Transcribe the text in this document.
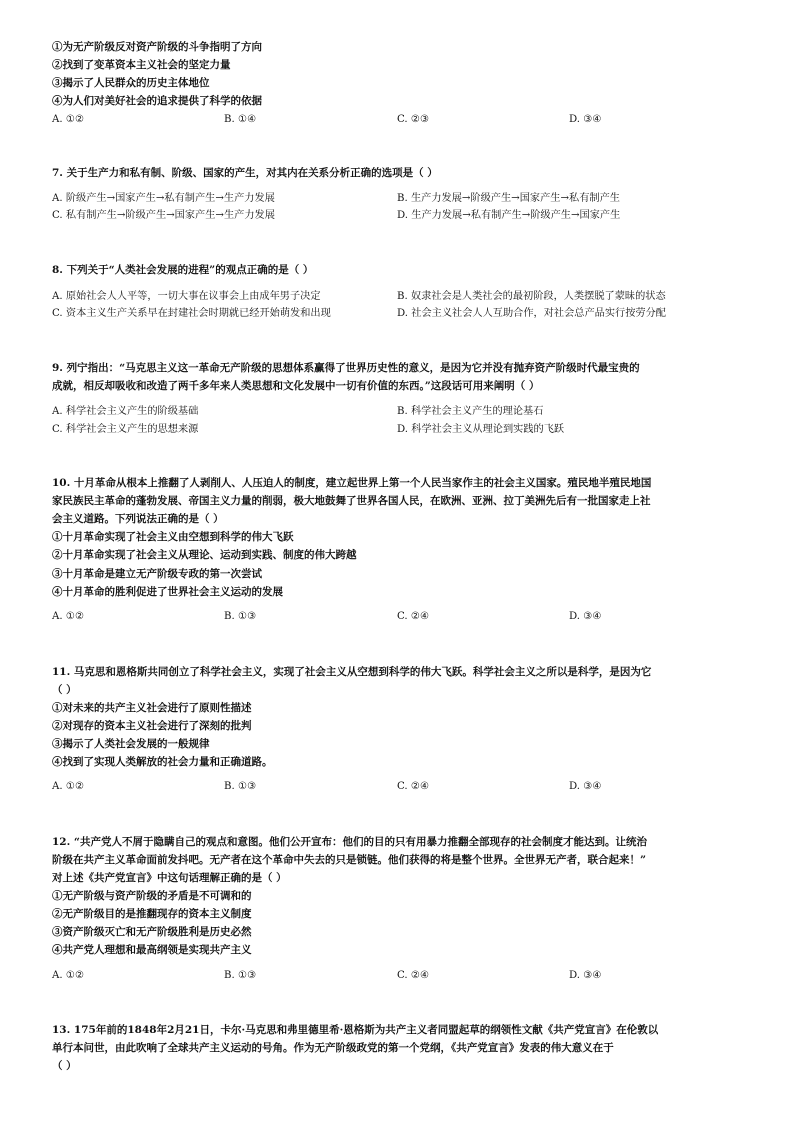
①为无产阶级反对资产阶级的斗争指明了方向
②找到了变革资本主义社会的坚定力量
③揭示了人民群众的历史主体地位
④为人们对美好社会的追求提供了科学的依据
A. ①②	B. ①④	C. ②③	D. ③④
7. 关于生产力和私有制、阶级、国家的产生，对其内在关系分析正确的选项是（ ）
A. 阶级产生→国家产生→私有制产生→生产力发展	B. 生产力发展→阶级产生→国家产生→私有制产生
C. 私有制产生→阶级产生→国家产生→生产力发展	D. 生产力发展→私有制产生→阶级产生→国家产生
8. 下列关于“人类社会发展的进程”的观点正确的是（ ）
A. 原始社会人人平等，一切大事在议事会上由成年男子决定	B. 奴隶社会是人类社会的最初阶段，人类摆脱了蒙昧的状态
C. 资本主义生产关系早在封建社会时期就已经开始萌发和出现	D. 社会主义社会人人互助合作，对社会总产品实行按劳分配
9. 列宁指出：“马克思主义这一革命无产阶级的思想体系赢得了世界历史性的意义，是因为它并没有抛弃资产阶级时代最宝贵的
成就，相反却吸收和改造了两千多年来人类思想和文化发展中一切有价值的东西。”这段话可用来阐明（ ）
A. 科学社会主义产生的阶级基础	B. 科学社会主义产生的理论基石
C. 科学社会主义产生的思想来源	D. 科学社会主义从理论到实践的飞跃
10. 十月革命从根本上推翻了人剥削人、人压迫人的制度，建立起世界上第一个人民当家作主的社会主义国家。殖民地半殖民地国
家民族民主革命的蓬勃发展、帝国主义力量的削弱，极大地鼓舞了世界各国人民，在欧洲、亚洲、拉丁美洲先后有一批国家走上社
会主义道路。下列说法正确的是（ ）
①十月革命实现了社会主义由空想到科学的伟大飞跃
②十月革命实现了社会主义从理论、运动到实践、制度的伟大跨越
③十月革命是建立无产阶级专政的第一次尝试
④十月革命的胜利促进了世界社会主义运动的发展
A. ①②	B. ①③	C. ②④	D. ③④
11. 马克思和恩格斯共同创立了科学社会主义，实现了社会主义从空想到科学的伟大飞跃。科学社会主义之所以是科学，是因为它
（ ）
①对未来的共产主义社会进行了原则性描述
②对现存的资本主义社会进行了深刻的批判
③揭示了人类社会发展的一般规律
④找到了实现人类解放的社会力量和正确道路。
A. ①②	B. ①③	C. ②④	D. ③④
12. “共产党人不屑于隐瞒自己的观点和意图。他们公开宣布：他们的目的只有用暴力推翻全部现存的社会制度才能达到。让统治
阶级在共产主义革命面前发抖吧。无产者在这个革命中失去的只是锁链。他们获得的将是整个世界。全世界无产者，联合起来！”
对上述《共产党宣言》中这句话理解正确的是（ ）
①无产阶级与资产阶级的矛盾是不可调和的
②无产阶级目的是推翻现存的资本主义制度
③资产阶级灭亡和无产阶级胜利是历史必然
④共产党人理想和最高纲领是实现共产主义
A. ①②	B. ①③	C. ②④	D. ③④
13. 175年前的1848年2月21日，卡尔·马克思和弗里德里希·恩格斯为共产主义者同盟起草的纲领性文献《共产党宣言》在伦敦以
单行本问世，由此吹响了全球共产主义运动的号角。作为无产阶级政党的第一个党纲，《共产党宣言》发表的伟大意义在于
（ ）
